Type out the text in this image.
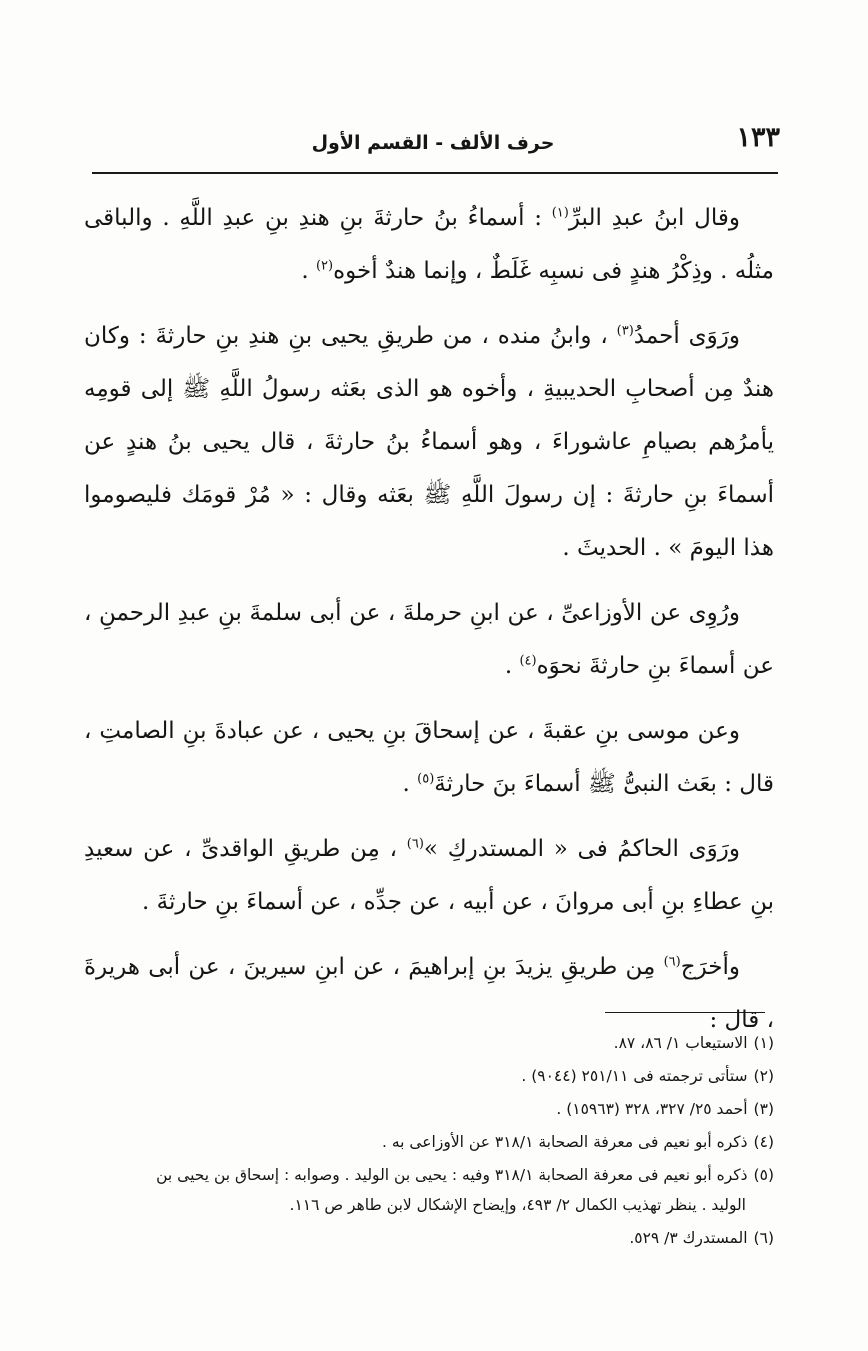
١٣٣
حرف الألف - القسم الأول

وقال ابنُ عبدِ البرِّ$^{(١)}$ : أسماءُ بنُ حارثةَ بنِ هندِ بنِ عبدِ اللَّهِ . والباقى مثلُه . وذِكْرُ هندٍ فى نسبِه غَلَطٌ ، وإنما هندٌ أخوه$^{(٢)}$ .

ورَوَى أحمدُ$^{(٣)}$ ، وابنُ منده ، من طريقِ يحيى بنِ هندِ بنِ حارثةَ : وكان هندٌ مِن أصحابِ الحديبيةِ ، وأخوه هو الذى بعَثه رسولُ اللَّهِ ﷺ إلى قومِه يأمرُهم بصيامِ عاشوراءَ ، وهو أسماءُ بنُ حارثةَ ، قال يحيى بنُ هندٍ عن أسماءَ بنِ حارثةَ : إن رسولَ اللَّهِ ﷺ بعَثه وقال : « مُرْ قومَك فليصوموا هذا اليومَ » . الحديثَ .

ورُوِى عن الأوزاعىِّ ، عن ابنِ حرملةَ ، عن أبى سلمةَ بنِ عبدِ الرحمنِ ، عن أسماءَ بنِ حارثةَ نحوَه$^{(٤)}$ .

وعن موسى بنِ عقبةَ ، عن إسحاقَ بنِ يحيى ، عن عبادةَ بنِ الصامتِ ، قال : بعَث النبىُّ ﷺ أسماءَ بنَ حارثةَ$^{(٥)}$ .

ورَوَى الحاكمُ فى « المستدركِ »$^{(٦)}$ ، مِن طريقِ الواقدىِّ ، عن سعيدِ بنِ عطاءِ بنِ أبى مروانَ ، عن أبيه ، عن جدِّه ، عن أسماءَ بنِ حارثةَ .

وأخرَج$^{(٦)}$ مِن طريقِ يزيدَ بنِ إبراهيمَ ، عن ابنِ سيرينَ ، عن أبى هريرةَ ، قال :

(١)الاستيعاب ١/ ٨٦، ٨٧.
(٢)ستأتى ترجمته فى ٢٥١/١١ (٩٠٤٤) .
(٣)أحمد ٢٥/ ٣٢٧، ٣٢٨ (١٥٩٦٣) .
(٤)ذكره أبو نعيم فى معرفة الصحابة ٣١٨/١ عن الأوزاعى به .
(٥)ذكره أبو نعيم فى معرفة الصحابة ٣١٨/١ وفيه : يحيى بن الوليد . وصوابه : إسحاق بن يحيى بن
الوليد . ينظر تهذيب الكمال ٢/ ٤٩٣، وإيضاح الإشكال لابن طاهر ص ١١٦.
(٦)المستدرك ٣/ ٥٢٩.
